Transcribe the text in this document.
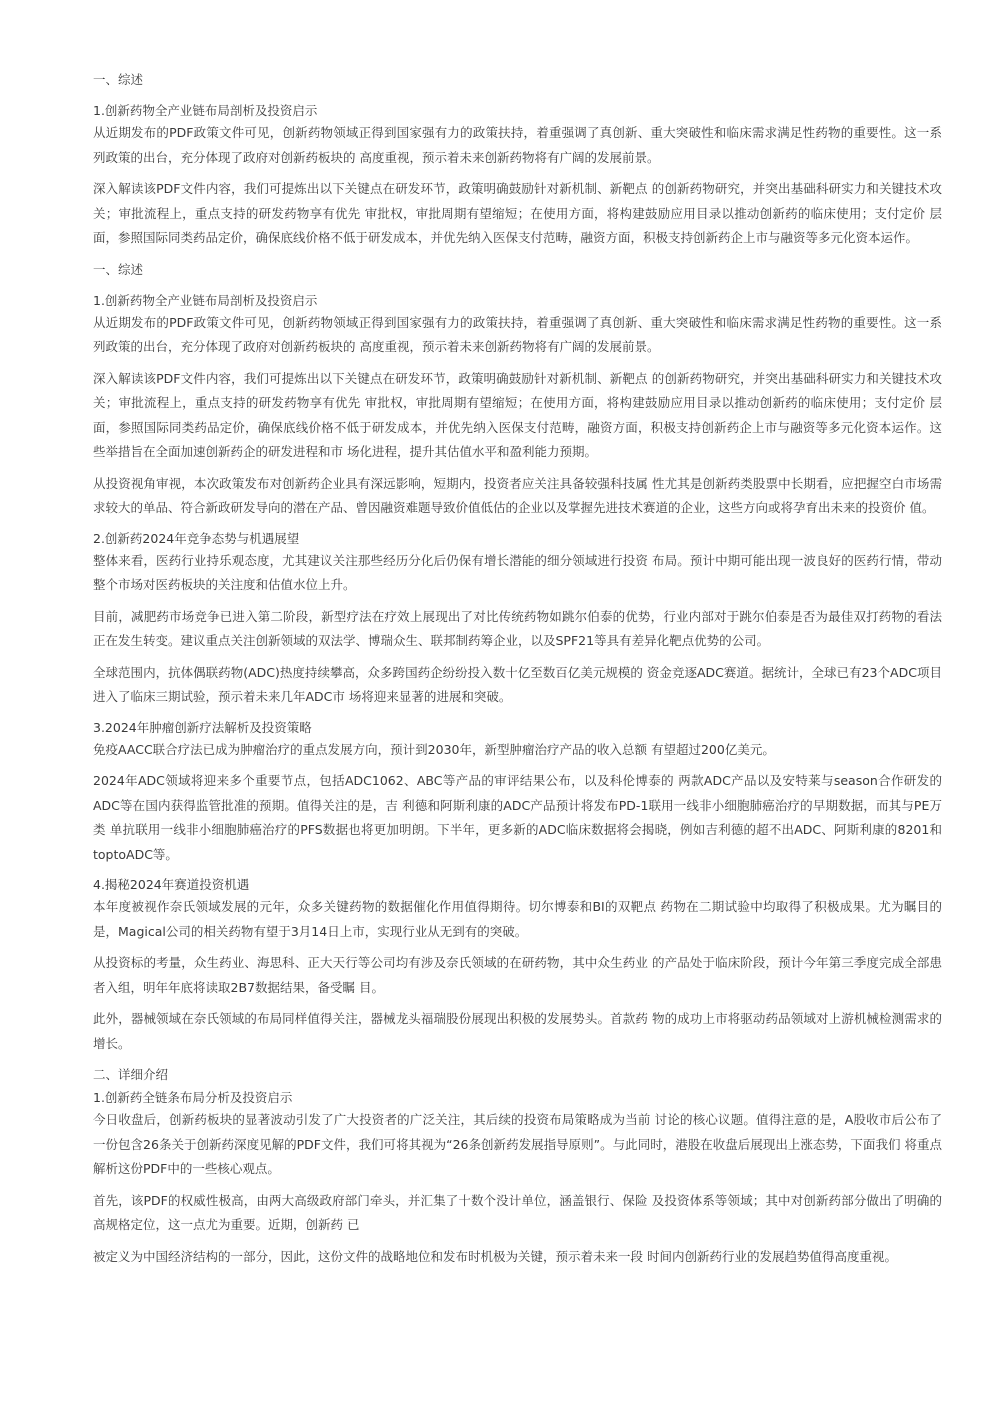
一、综述

1.创新药物全产业链布局剖析及投资启示

从近期发布的PDF政策文件可见，创新药物领域正得到国家强有力的政策扶持，着重强调了真创新、重大突破性和临床需求满足性药物的重要性。这一系列政策的出台，充分体现了政府对创新药板块的 高度重视，预示着未来创新药物将有广阔的发展前景。

深入解读该PDF文件内容，我们可提炼出以下关键点在研发环节，政策明确鼓励针对新机制、新靶点 的创新药物研究，并突出基础科研实力和关键技术攻关；审批流程上，重点支持的研发药物享有优先 审批权，审批周期有望缩短；在使用方面，将构建鼓励应用目录以推动创新药的临床使用；支付定价 层面，参照国际同类药品定价，确保底线价格不低于研发成本，并优先纳入医保支付范畴，融资方面，积极支持创新药企上市与融资等多元化资本运作。

一、综述

1.创新药物全产业链布局剖析及投资启示

从近期发布的PDF政策文件可见，创新药物领域正得到国家强有力的政策扶持，着重强调了真创新、重大突破性和临床需求满足性药物的重要性。这一系列政策的出台，充分体现了政府对创新药板块的 高度重视，预示着未来创新药物将有广阔的发展前景。

深入解读该PDF文件内容，我们可提炼出以下关键点在研发环节，政策明确鼓励针对新机制、新靶点 的创新药物研究，并突出基础科研实力和关键技术攻关；审批流程上，重点支持的研发药物享有优先 审批权，审批周期有望缩短；在使用方面，将构建鼓励应用目录以推动创新药的临床使用；支付定价 层面，参照国际同类药品定价，确保底线价格不低于研发成本，并优先纳入医保支付范畴，融资方面，积极支持创新药企上市与融资等多元化资本运作。这些举措旨在全面加速创新药企的研发进程和市 场化进程，提升其估值水平和盈利能力预期。

从投资视角审视，本次政策发布对创新药企业具有深远影响，短期内，投资者应关注具备较强科技属 性尤其是创新药类股票中长期看，应把握空白市场需求较大的单品、符合新政研发导向的潜在产品、曾因融资难题导致价值低估的企业以及掌握先进技术赛道的企业，这些方向或将孕育出未来的投资价 值。

2.创新药2024年竞争态势与机遇展望

整体来看，医药行业持乐观态度，尤其建议关注那些经历分化后仍保有增长潜能的细分领域进行投资 布局。预计中期可能出现一波良好的医药行情，带动整个市场对医药板块的关注度和估值水位上升。

目前，减肥药市场竞争已进入第二阶段，新型疗法在疗效上展现出了对比传统药物如跳尔伯泰的优势，行业内部对于跳尔伯泰是否为最佳双打药物的看法正在发生转变。建议重点关注创新领域的双法学、博瑞众生、联邦制药筹企业，以及SPF21等具有差异化靶点优势的公司。

全球范围内，抗体偶联药物(ADC)热度持续攀高，众多跨国药企纷纷投入数十亿至数百亿美元规模的 资金竞逐ADC赛道。据统计，全球已有23个ADC项目 进入了临床三期试验，预示着未来几年ADC市 场将迎来显著的进展和突破。

3.2024年肿瘤创新疗法解析及投资策略

免疫AACC联合疗法已成为肿瘤治疗的重点发展方向，预计到2030年，新型肿瘤治疗产品的收入总额 有望超过200亿美元。

2024年ADC领域将迎来多个重要节点，包括ADC1062、ABC等产品的审评结果公布，以及科伦博泰的 两款ADC产品以及安特莱与season合作研发的ADC等在国内获得监管批准的预期。值得关注的是，吉 利德和阿斯利康的ADC产品预计将发布PD-1联用一线非小细胞肺癌治疗的早期数据，而其与PE万类 单抗联用一线非小细胞肺癌治疗的PFS数据也将更加明朗。下半年，更多新的ADC临床数据将会揭晓，例如吉利德的超不出ADC、阿斯利康的8201和toptoADC等。

4.揭秘2024年赛道投资机遇

本年度被视作奈氏领域发展的元年，众多关键药物的数据催化作用值得期待。切尔博泰和BI的双靶点 药物在二期试验中均取得了积极成果。尤为瞩目的是，Magical公司的相关药物有望于3月14日上市，实现行业从无到有的突破。

从投资标的考量，众生药业、海思科、正大天行等公司均有涉及奈氏领域的在研药物，其中众生药业 的产品处于临床阶段，预计今年第三季度完成全部患者入组，明年年底将读取2B7数据结果，备受瞩 目。

此外，器械领域在奈氏领域的布局同样值得关注，器械龙头福瑞股份展现出积极的发展势头。首款药 物的成功上市将驱动药品领域对上游机械检测需求的增长。

二、详细介绍

1.创新药全链条布局分析及投资启示

今日收盘后，创新药板块的显著波动引发了广大投资者的广泛关注，其后续的投资布局策略成为当前 讨论的核心议题。值得注意的是，A股收市后公布了一份包含26条关于创新药深度见解的PDF文件，我们可将其视为“26条创新药发展指导原则”。与此同时，港股在收盘后展现出上涨态势，下面我们 将重点解析这份PDF中的一些核心观点。

首先，该PDF的权威性极高，由两大高级政府部门牵头，并汇集了十数个没计单位，涵盖银行、保险 及投资体系等领域；其中对创新药部分做出了明确的高规格定位，这一点尤为重要。近期，创新药 已

被定义为中国经济结构的一部分，因此，这份文件的战略地位和发布时机极为关键，预示着未来一段 时间内创新药行业的发展趋势值得高度重视。
